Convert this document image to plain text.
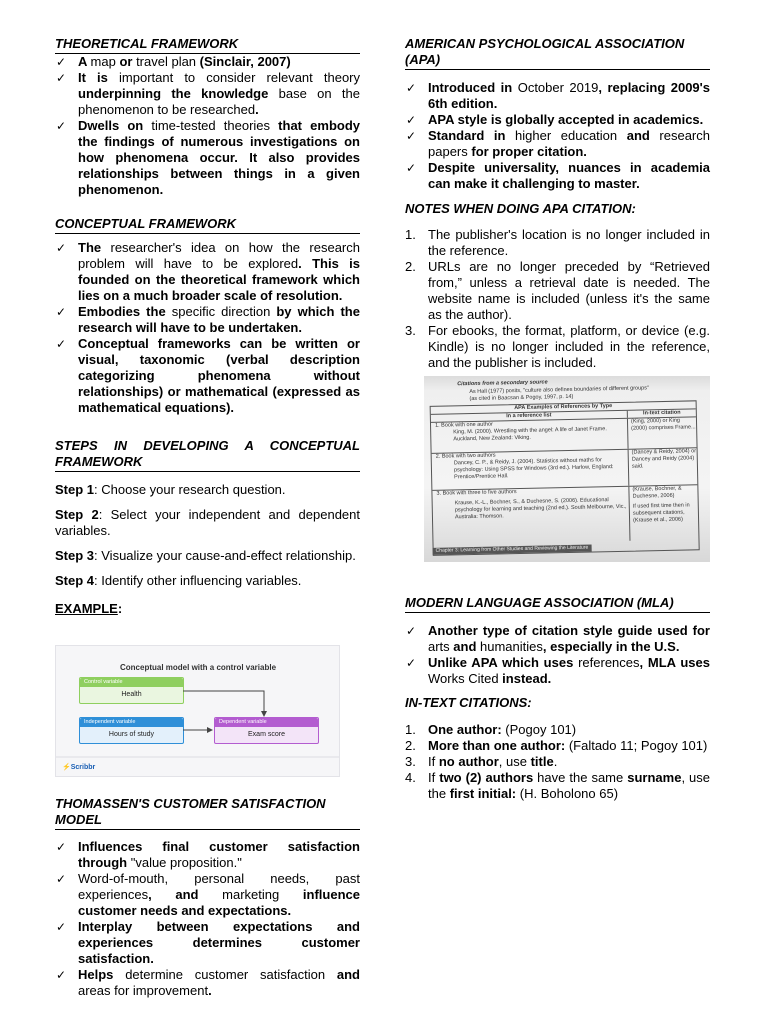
THEORETICAL FRAMEWORK
✓ A map or travel plan (Sinclair, 2007)
✓ It is important to consider relevant theory underpinning the knowledge base on the phenomenon to be researched.
✓ Dwells on time-tested theories that embody the findings of numerous investigations on how phenomena occur. It also provides relationships between things in a given phenomenon.
CONCEPTUAL FRAMEWORK
✓ The researcher's idea on how the research problem will have to be explored. This is founded on the theoretical framework which lies on a much broader scale of resolution.
✓ Embodies the specific direction by which the research will have to be undertaken.
✓ Conceptual frameworks can be written or visual, taxonomic (verbal description categorizing phenomena without relationships) or mathematical (expressed as mathematical equations).
STEPS IN DEVELOPING A CONCEPTUAL FRAMEWORK

Step 1: Choose your research question.

Step 2: Select your independent and dependent variables.

Step 3: Visualize your cause-and-effect relationship.

Step 4: Identify other influencing variables.

EXAMPLE:
Conceptual model with a control variable
Control variable
Health
Independent variable
Hours of study
Dependent variable
Exam score
⚡Scribbr
THOMASSEN'S CUSTOMER SATISFACTION MODEL
✓ Influences final customer satisfaction through "value proposition."
✓ Word-of-mouth, personal needs, past experiences, and marketing influence customer needs and expectations.
✓ Interplay between expectations and experiences determines customer satisfaction.
✓ Helps determine customer satisfaction and areas for improvement.
AMERICAN PSYCHOLOGICAL ASSOCIATION (APA)
✓ Introduced in October 2019, replacing 2009's 6th edition.
✓ APA style is globally accepted in academics.
✓ Standard in higher education and research papers for proper citation.
✓ Despite universality, nuances in academia can make it challenging to master.
NOTES WHEN DOING APA CITATION:
1. The publisher's location is no longer included in the reference.
2. URLs are no longer preceded by “Retrieved from,” unless a retrieval date is needed. The website name is included (unless it's the same as the author).
3. For ebooks, the format, platform, or device (e.g. Kindle) is no longer included in the reference, and the publisher is included.
Citations from a secondary source
As Hall (1977) posits, "culture also defines boundaries of different groups"
(as cited in Baacsan & Pogoy, 1997, p. 14)
APA Examples of References by Type
In a reference list	In-text citation
1. Book with one author
King, M. (2000). Wrestling with the angel: A life of Janet Frame. Auckland, New Zealand: Viking.
(King, 2000) or King (2000) comprises Frame...
2. Book with two authors
Dancey, C. P., & Reidy, J. (2004). Statistics without maths for psychology: Using SPSS for Windows (3rd ed.). Harlow, England: Prentice/Prentice Hall.
(Dancey & Reidy, 2004) or Dancey and Reidy (2004) said.
3. Book with three to five authors
Krause, K.-L., Bochner, S., & Duchesne, S. (2006). Educational psychology for learning and teaching (2nd ed.). South Melbourne, Vic., Australia: Thomson.
(Krause, Bochner, & Duchesne, 2006)
If used first time then in subsequent citations, (Krause et al., 2006)
Chapter 3: Learning from Other Studies and Reviewing the Literature
MODERN LANGUAGE ASSOCIATION (MLA)
✓ Another type of citation style guide used for arts and humanities, especially in the U.S.
✓ Unlike APA which uses references, MLA uses Works Cited instead.
IN-TEXT CITATIONS:
1. One author: (Pogoy 101)
2. More than one author: (Faltado 11; Pogoy 101)
3. If no author, use title.
4. If two (2) authors have the same surname, use the first initial: (H. Boholono 65)
